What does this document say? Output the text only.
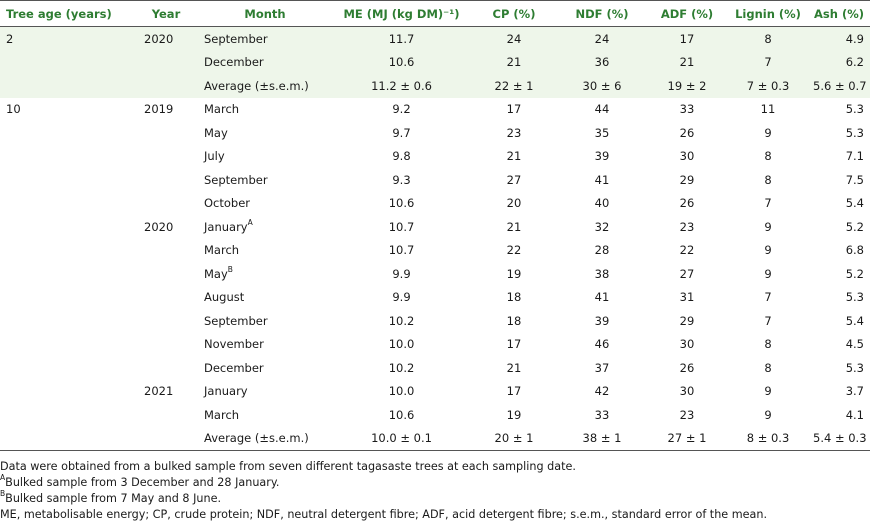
Tree age (years)	Year	Month	ME (MJ (kg DM)⁻¹)	CP (%)	NDF (%)	ADF (%)	Lignin (%)	Ash (%)
2	2020	September	11.7	24	24	17	8	4.9
		December	10.6	21	36	21	7	6.2
		Average (±s.e.m.)	11.2 ± 0.6	22 ± 1	30 ± 6	19 ± 2	7 ± 0.3	5.6 ± 0.7
10	2019	March	9.2	17	44	33	11	5.3
		May	9.7	23	35	26	9	5.3
		July	9.8	21	39	30	8	7.1
		September	9.3	27	41	29	8	7.5
		October	10.6	20	40	26	7	5.4
	2020	January$^A$	10.7	21	32	23	9	5.2
		March	10.7	22	28	22	9	6.8
		May$^B$	9.9	19	38	27	9	5.2
		August	9.9	18	41	31	7	5.3
		September	10.2	18	39	29	7	5.4
		November	10.0	17	46	30	8	4.5
		December	10.2	21	37	26	8	5.3
	2021	January	10.0	17	42	30	9	3.7
		March	10.6	19	33	23	9	4.1
		Average (±s.e.m.)	10.0 ± 0.1	20 ± 1	38 ± 1	27 ± 1	8 ± 0.3	5.4 ± 0.3
Data were obtained from a bulked sample from seven different tagasaste trees at each sampling date.
$^A$Bulked sample from 3 December and 28 January.
$^B$Bulked sample from 7 May and 8 June.
ME, metabolisable energy; CP, crude protein; NDF, neutral detergent fibre; ADF, acid detergent fibre; s.e.m., standard error of the mean.
